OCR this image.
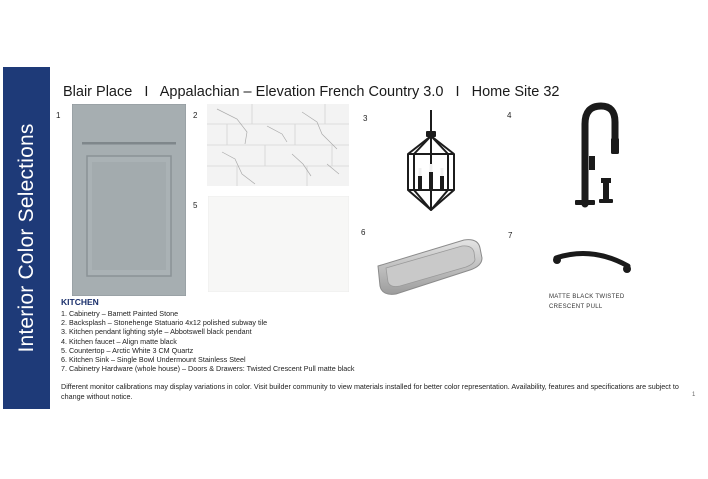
Interior Color Selections
Blair Place   I   Appalachian – Elevation French Country 3.0   I   Home Site 32
1	2	3	4
5
6	7
MATTE BLACK TWISTED
CRESCENT PULL
KITCHEN
1. Cabinetry – Barnett Painted Stone
2. Backsplash – Stonehenge Statuario 4x12 polished subway tile
3. Kitchen pendant lighting style – Abbotswell black pendant
4. Kitchen faucet – Align matte black
5. Countertop – Arctic White 3 CM Quartz
6. Kitchen Sink – Single Bowl Undermount Stainless Steel
7. Cabinetry Hardware (whole house) – Doors & Drawers: Twisted Crescent Pull matte black
Different monitor calibrations may display variations in color. Visit builder community to view materials installed for better color representation. Availability, features and specifications are subject to change without notice.	1
